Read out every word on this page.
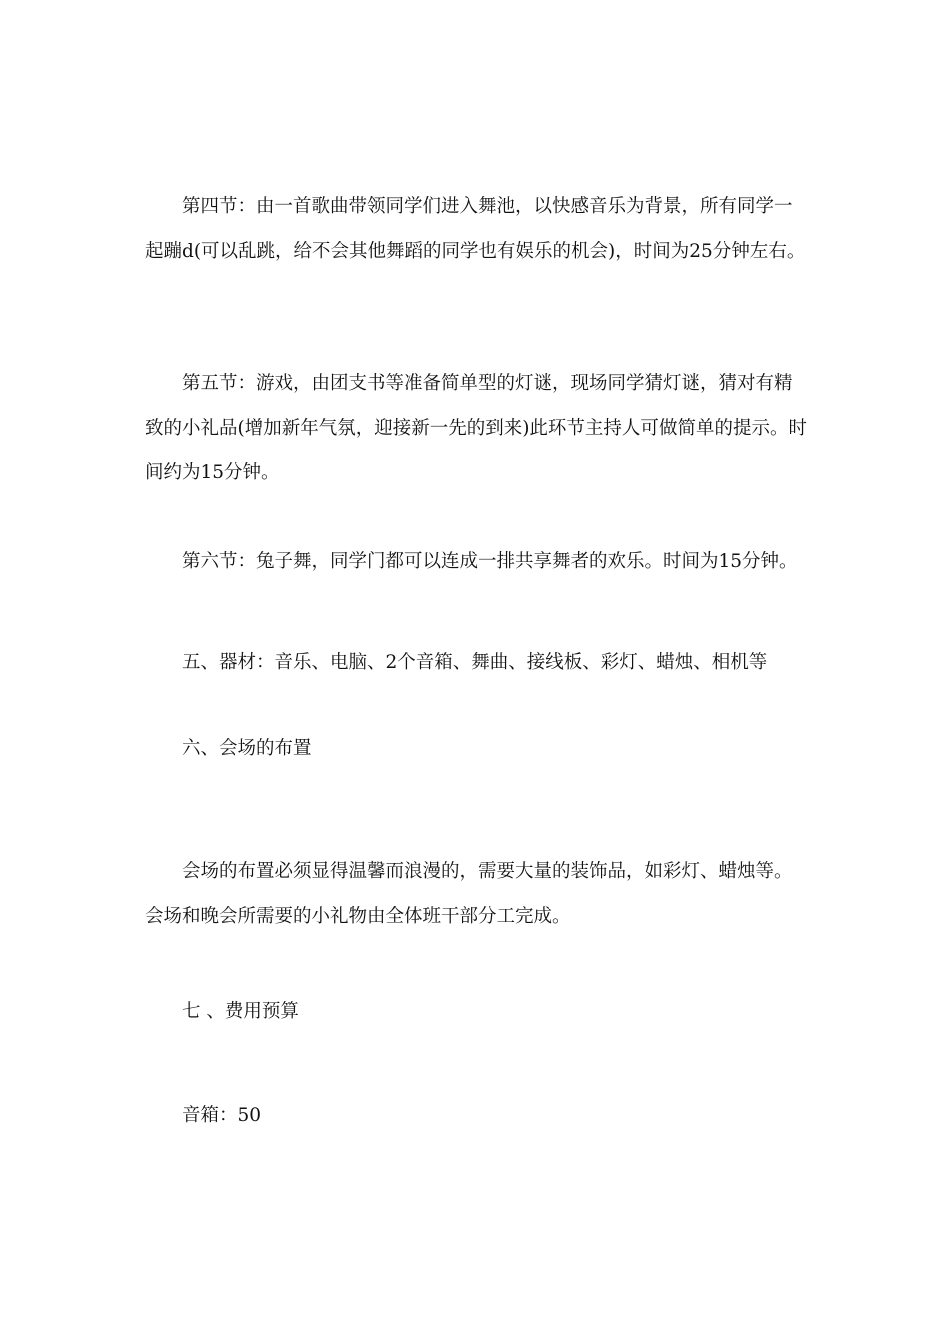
第四节：由一首歌曲带领同学们进入舞池，以快感音乐为背景，所有同学一起蹦d(可以乱跳，给不会其他舞蹈的同学也有娱乐的机会)，时间为25分钟左右。

第五节：游戏，由团支书等准备简单型的灯谜，现场同学猜灯谜，猜对有精致的小礼品(增加新年气氛，迎接新一先的到来)此环节主持人可做简单的提示。时间约为15分钟。

第六节：兔子舞，同学门都可以连成一排共享舞者的欢乐。时间为15分钟。

五、器材：音乐、电脑、2个音箱、舞曲、接线板、彩灯、蜡烛、相机等

六、会场的布置

会场的布置必须显得温馨而浪漫的，需要大量的装饰品，如彩灯、蜡烛等。会场和晚会所需要的小礼物由全体班干部分工完成。

七 、费用预算

音箱：50
